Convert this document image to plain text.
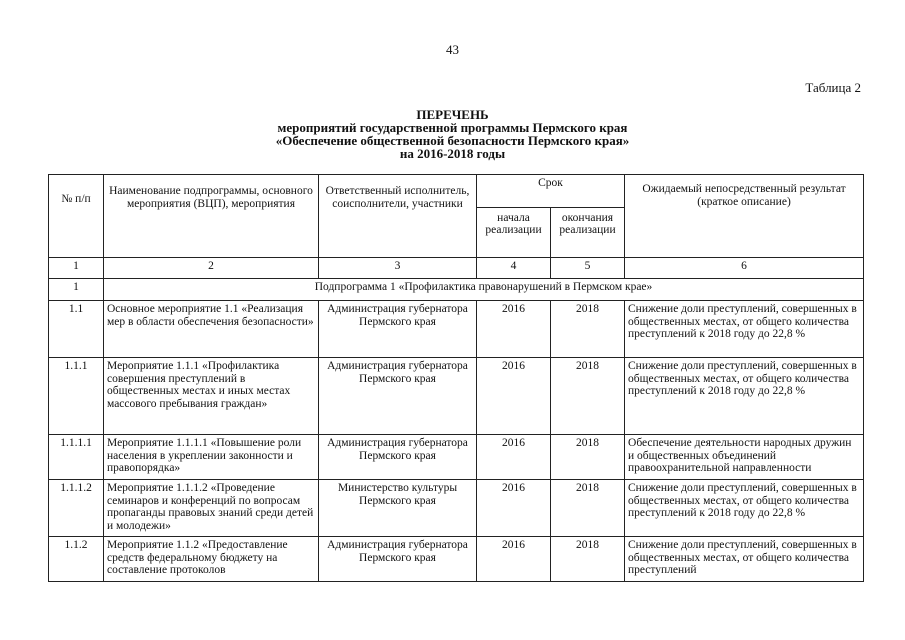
43
Таблица 2
ПЕРЕЧЕНЬ
мероприятий государственной программы Пермского края
«Обеспечение общественной безопасности Пермского края»
на 2016-2018 годы
№ п/п	Наименование подпрограммы, основного мероприятия (ВЦП), мероприятия	Ответственный исполнитель, соисполнители, участники	Срок		Ожидаемый непосредственный результат (краткое описание)
			начала реализации	окончания реализации	
1	2	3	4	5	6
1	Подпрограмма 1 «Профилактика правонарушений в Пермском крае»				
1.1	Основное мероприятие 1.1 «Реализация мер в области обеспечения безопасности»	Администрация губернатора Пермского края	2016	2018	Снижение доли преступлений, совершенных в общественных местах, от общего количества преступлений к 2018 году до 22,8 %
1.1.1	Мероприятие 1.1.1 «Профилактика совершения преступлений в общественных местах и иных местах массового пребывания граждан»	Администрация губернатора Пермского края	2016	2018	Снижение доли преступлений, совершенных в общественных местах, от общего количества преступлений к 2018 году до 22,8 %
1.1.1.1	Мероприятие 1.1.1.1 «Повышение роли населения в укреплении законности и правопорядка»	Администрация губернатора Пермского края	2016	2018	Обеспечение деятельности народных дружин и общественных объединений правоохранительной направленности
1.1.1.2	Мероприятие 1.1.1.2 «Проведение семинаров и конференций по вопросам пропаганды правовых знаний среди детей и молодежи»	Министерство культуры Пермского края	2016	2018	Снижение доли преступлений, совершенных в общественных местах, от общего количества преступлений к 2018 году до 22,8 %
1.1.2	Мероприятие 1.1.2 «Предоставление средств федеральному бюджету на составление протоколов	Администрация губернатора Пермского края	2016	2018	Снижение доли преступлений, совершенных в общественных местах, от общего количества преступлений
